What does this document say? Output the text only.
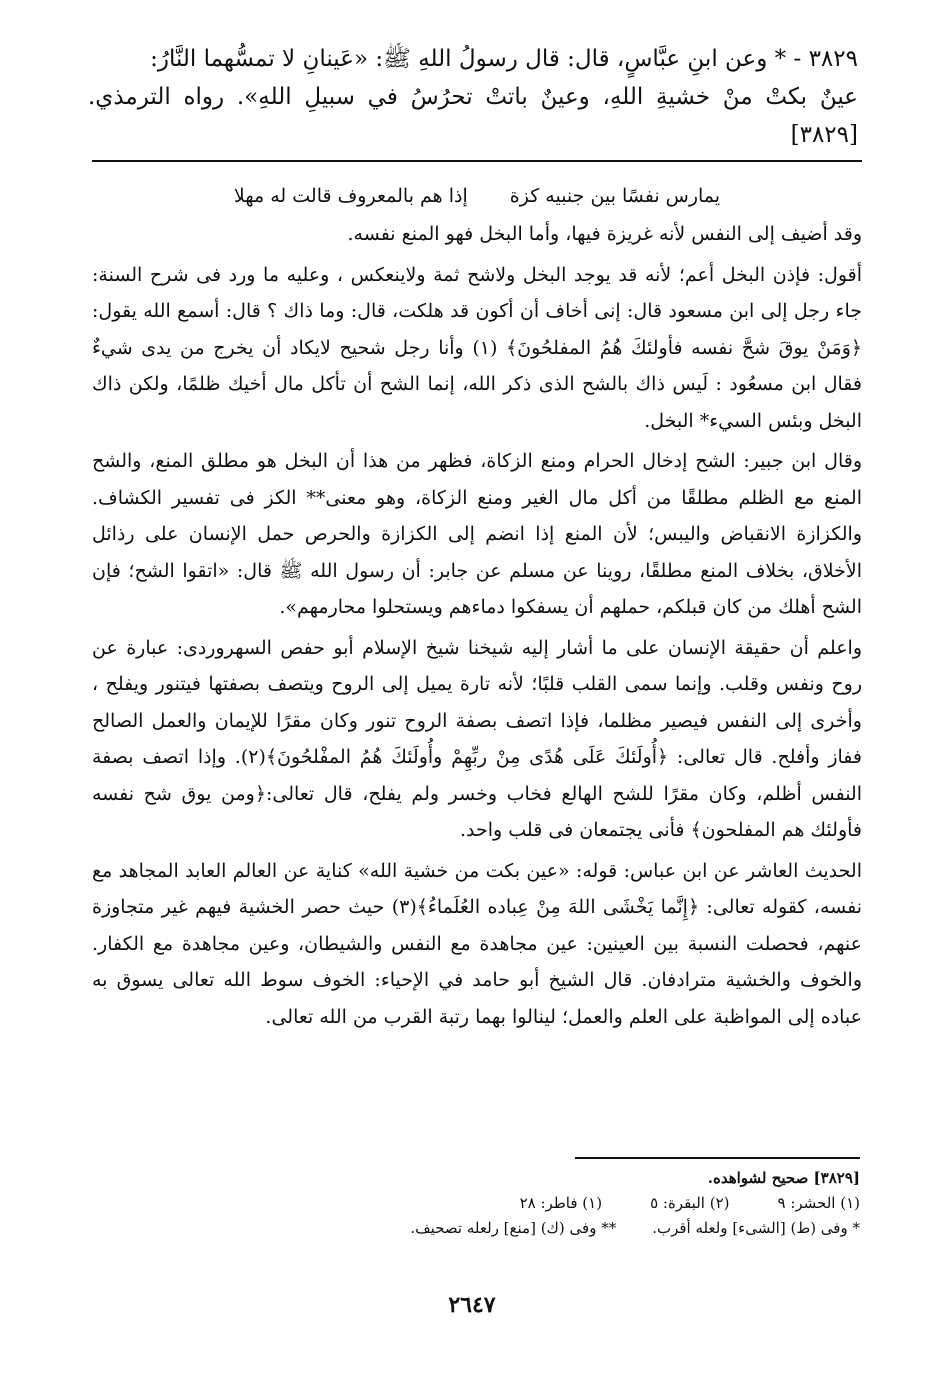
٣٨٢٩ - * وعن ابنِ عبَّاسٍ، قال: قال رسولُ اللهِ ﷺ: «عَينانِ لا تمسُّهما النَّارُ:

عينٌ بكتْ منْ خشيةِ اللهِ، وعينٌ باتتْ تحرُسُ في سبيلِ اللهِ». رواه الترمذي. [٣٨٢٩]

يمارس نفسًا بين جنبيه كزة
إذا هم بالمعروف قالت له مهلا

وقد أضيف إلى النفس لأنه غريزة فيها، وأما البخل فهو المنع نفسه.

أقول: فإذن البخل أعم؛ لأنه قد يوجد البخل ولاشح ثمة ولاينعكس ، وعليه ما ورد فى شرح السنة: جاء رجل إلى ابن مسعود قال: إنى أخاف أن أكون قد هلكت، قال: وما ذاك ؟ قال: أسمع الله يقول: ﴿وَمَنْ يوقَ شحَّ نفسه فأولئكَ هُمُ المفلحُونَ﴾ (١) وأنا رجل شحيح لايكاد أن يخرج من يدى شيءٌ فقال ابن مسعُود : لَيس ذاك بالشح الذى ذكر الله، إنما الشح أن تأكل مال أخيك ظلمًا، ولكن ذاك البخل وبئس السيء* البخل.

وقال ابن جبير: الشح إدخال الحرام ومنع الزكاة، فظهر من هذا أن البخل هو مطلق المنع، والشح المنع مع الظلم مطلقًا من أكل مال الغير ومنع الزكاة، وهو معنى** الكز فى تفسير الكشاف. والكزازة الانقباض واليبس؛ لأن المنع إذا انضم إلى الكزازة والحرص حمل الإنسان على رذائل الأخلاق، بخلاف المنع مطلقًا، روينا عن مسلم عن جابر: أن رسول الله ﷺ قال: «اتقوا الشح؛ فإن الشح أهلك من كان قبلكم، حملهم أن يسفكوا دماءهم ويستحلوا محارمهم».

واعلم أن حقيقة الإنسان على ما أشار إليه شيخنا شيخ الإسلام أبو حفص السهروردى: عبارة عن روح ونفس وقلب. وإنما سمى القلب قلبًا؛ لأنه تارة يميل إلى الروح ويتصف بصفتها فيتنور ويفلح ، وأخرى إلى النفس فيصير مظلما، فإذا اتصف بصفة الروح تنور وكان مقرًا للإيمان والعمل الصالح ففاز وأفلح. قال تعالى: ﴿أُولَئكَ عَلَى هُدًى مِنْ ربِّهِمْ وأُولَئكَ هُمُ المفْلحُونَ﴾(٢). وإذا اتصف بصفة النفس أظلم، وكان مقرًا للشح الهالع فخاب وخسر ولم يفلح، قال تعالى:﴿ومن يوق شح نفسه فأولئك هم المفلحون﴾ فأنى يجتمعان فى قلب واحد.

الحديث العاشر عن ابن عباس: قوله: «عين بكت من خشية الله» كناية عن العالم العابد المجاهد مع نفسه، كقوله تعالى: ﴿إِنَّما يَخْشَى اللهَ مِنْ عِباده العُلَماءُ﴾(٣) حيث حصر الخشية فيهم غير متجاوزة عنهم، فحصلت النسبة بين العينين: عين مجاهدة مع النفس والشيطان، وعين مجاهدة مع الكفار. والخوف والخشية مترادفان. قال الشيخ أبو حامد في الإحياء: الخوف سوط الله تعالى يسوق به عباده إلى المواظبة على العلم والعمل؛ لينالوا بهما رتبة القرب من الله تعالى.

[٣٨٢٩] صحيح لشواهده.

(١) الحشر: ٩
(٢) البقرة: ٥
(١) فاطر: ٢٨

* وفى (ط) [الشىء] ولعله أقرب.
** وفى (ك) [منع] رلعله تصحيف.

٢٦٤٧
